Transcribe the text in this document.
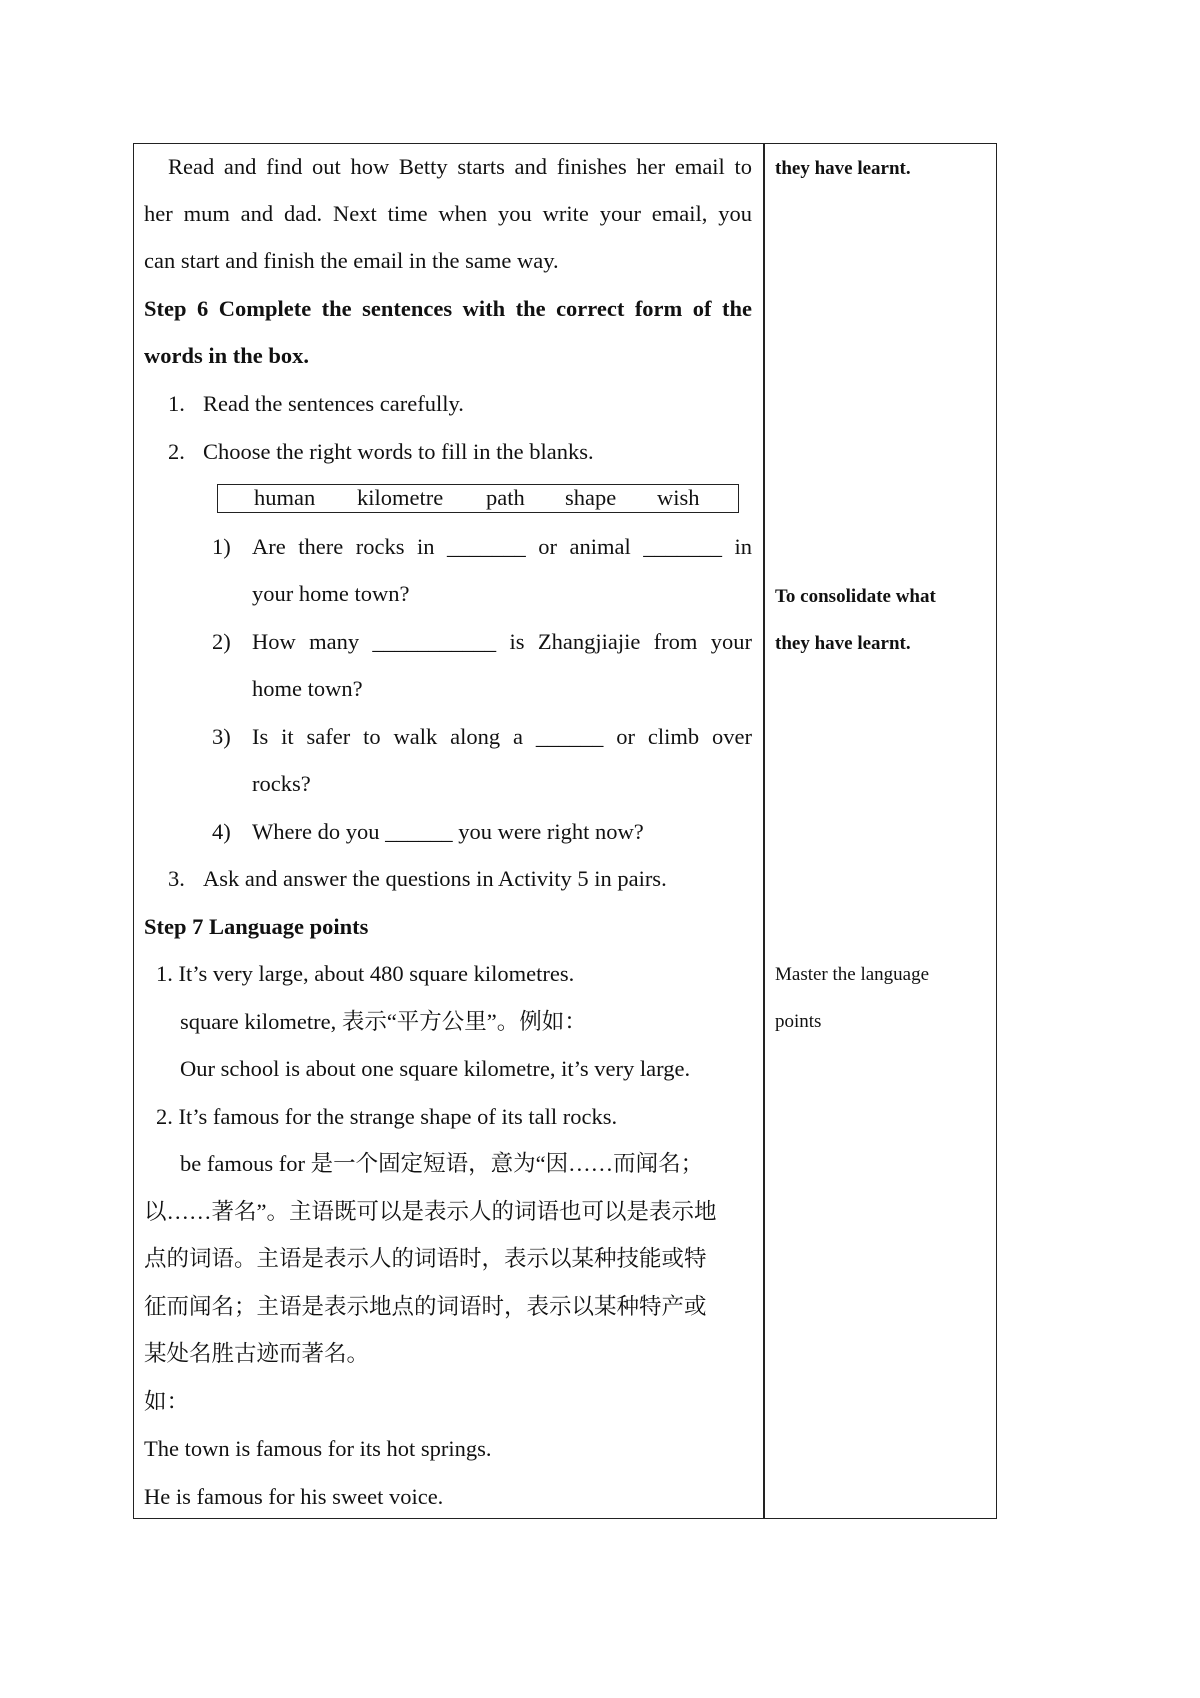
Read and find out how Betty starts and finishes her email to
her mum and dad. Next time when you write your email, you
can start and finish the email in the same way.
Step 6 Complete the sentences with the correct form of the
words in the box.
1. Read the sentences carefully.
2. Choose the right words to fill in the blanks.
human kilometre path shape wish
1) Are there rocks in _______ or animal _______ in
your home town?
2) How many ___________ is Zhangjiajie from your
home town?
3) Is it safer to walk along a ______ or climb over
rocks?
4) Where do you ______ you were right now?
3. Ask and answer the questions in Activity 5 in pairs.
Step 7 Language points
1. It’s very large, about 480 square kilometres.
square kilometre, 表示“平方公里”。例如：
Our school is about one square kilometre, it’s very large.
2. It’s famous for the strange shape of its tall rocks.
be famous for 是一个固定短语，意为“因……而闻名；
以……著名”。主语既可以是表示人的词语也可以是表示地
点的词语。主语是表示人的词语时，表示以某种技能或特
征而闻名；主语是表示地点的词语时，表示以某种特产或
某处名胜古迹而著名。
如：
The town is famous for its hot springs.
He is famous for his sweet voice.
they have learnt.
To consolidate what
they have learnt.
Master the language
points
